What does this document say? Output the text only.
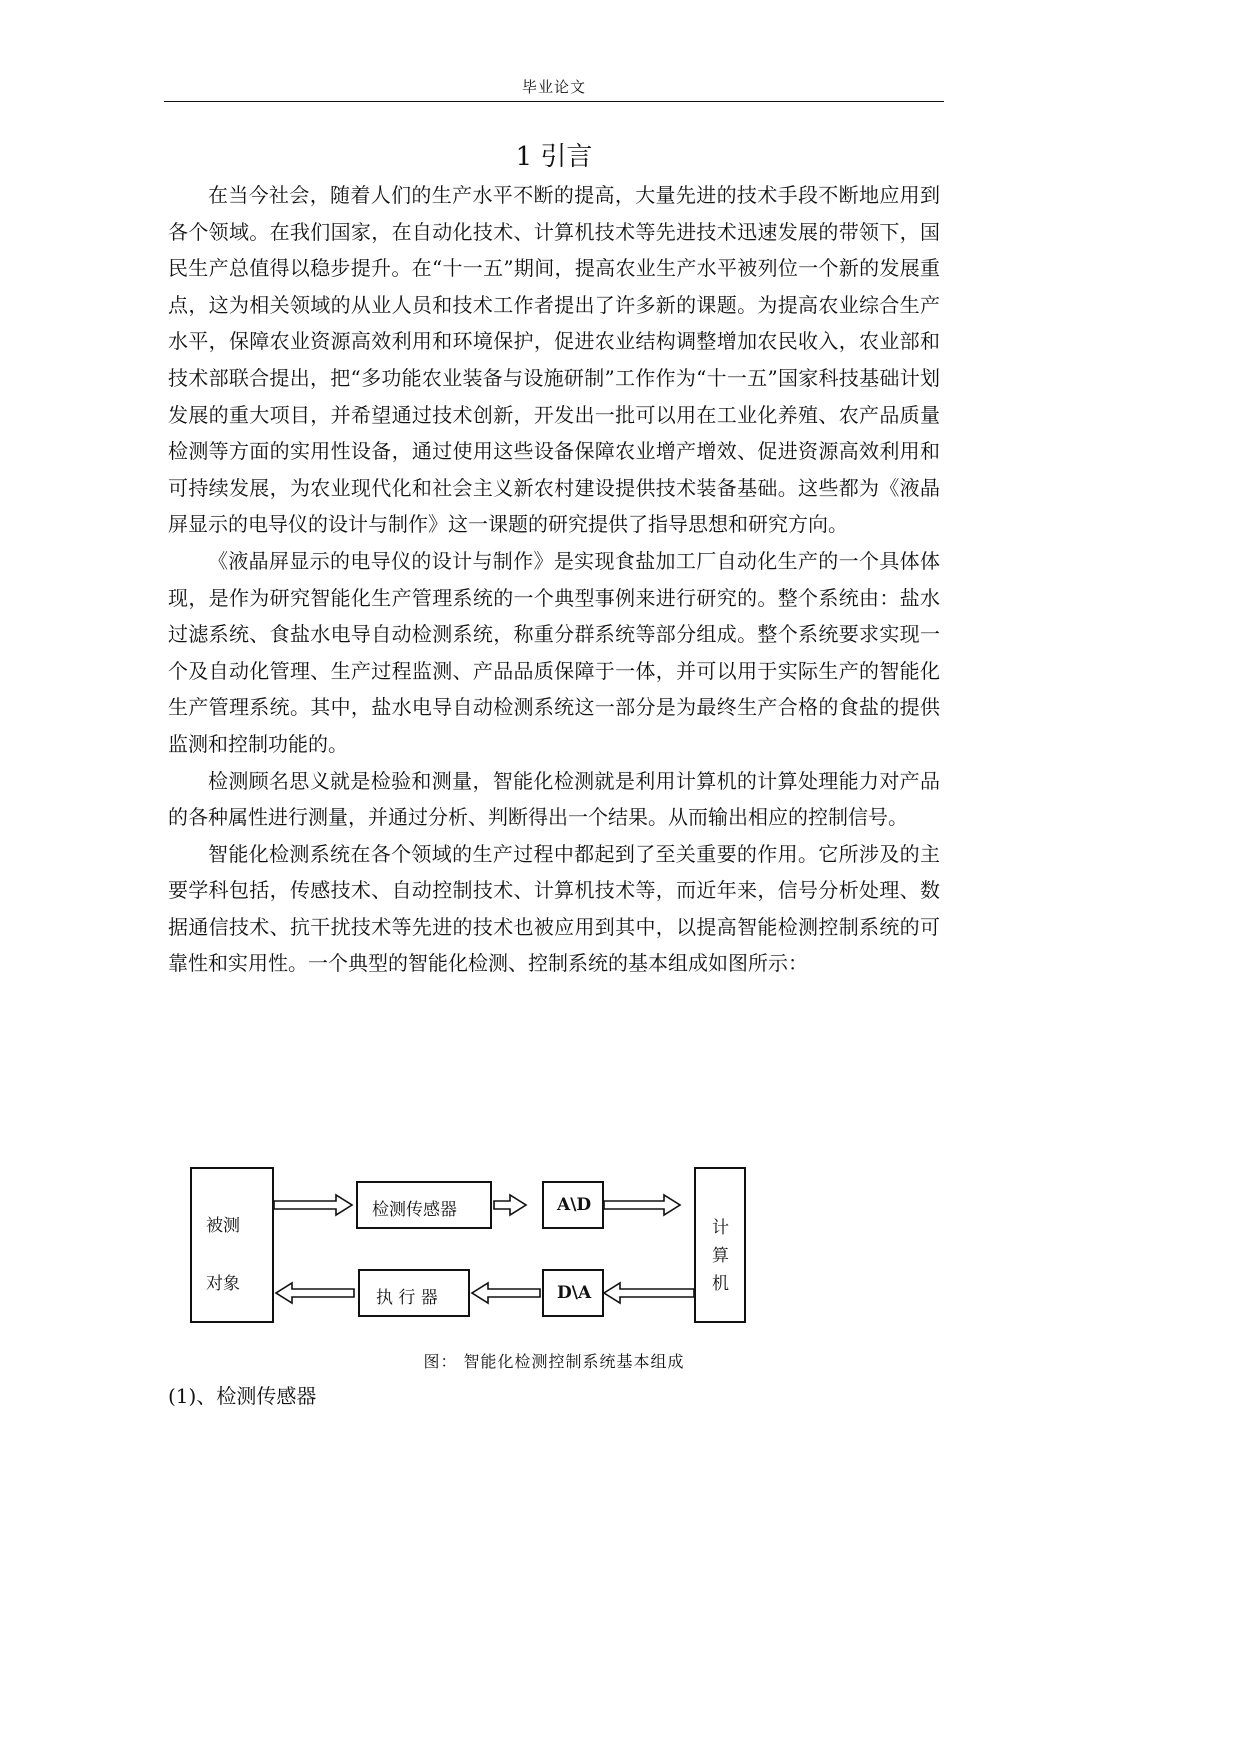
毕业论文
1 引言

在当今社会，随着人们的生产水平不断的提高，大量先进的技术手段不断地应用到各个领域。在我们国家，在自动化技术、计算机技术等先进技术迅速发展的带领下，国民生产总值得以稳步提升。在“十一五”期间，提高农业生产水平被列位一个新的发展重点，这为相关领域的从业人员和技术工作者提出了许多新的课题。为提高农业综合生产水平，保障农业资源高效利用和环境保护，促进农业结构调整增加农民收入，农业部和技术部联合提出，把“多功能农业装备与设施研制”工作作为“十一五”国家科技基础计划发展的重大项目，并希望通过技术创新，开发出一批可以用在工业化养殖、农产品质量检测等方面的实用性设备，通过使用这些设备保障农业增产增效、促进资源高效利用和可持续发展，为农业现代化和社会主义新农村建设提供技术装备基础。这些都为《液晶屏显示的电导仪的设计与制作》这一课题的研究提供了指导思想和研究方向。

《液晶屏显示的电导仪的设计与制作》是实现食盐加工厂自动化生产的一个具体体现，是作为研究智能化生产管理系统的一个典型事例来进行研究的。整个系统由：盐水过滤系统、食盐水电导自动检测系统，称重分群系统等部分组成。整个系统要求实现一个及自动化管理、生产过程监测、产品品质保障于一体，并可以用于实际生产的智能化生产管理系统。其中，盐水电导自动检测系统这一部分是为最终生产合格的食盐的提供监测和控制功能的。

检测顾名思义就是检验和测量，智能化检测就是利用计算机的计算处理能力对产品的各种属性进行测量，并通过分析、判断得出一个结果。从而输出相应的控制信号。

智能化检测系统在各个领域的生产过程中都起到了至关重要的作用。它所涉及的主要学科包括，传感技术、自动控制技术、计算机技术等，而近年来，信号分析处理、数据通信技术、抗干扰技术等先进的技术也被应用到其中，以提高智能检测控制系统的可靠性和实用性。一个典型的智能化检测、控制系统的基本组成如图所示：

被测
对象
检测传感器	A\D
计
算
机
执 行 器	D\A
图： 智能化检测控制系统基本组成
(1)、检测传感器
